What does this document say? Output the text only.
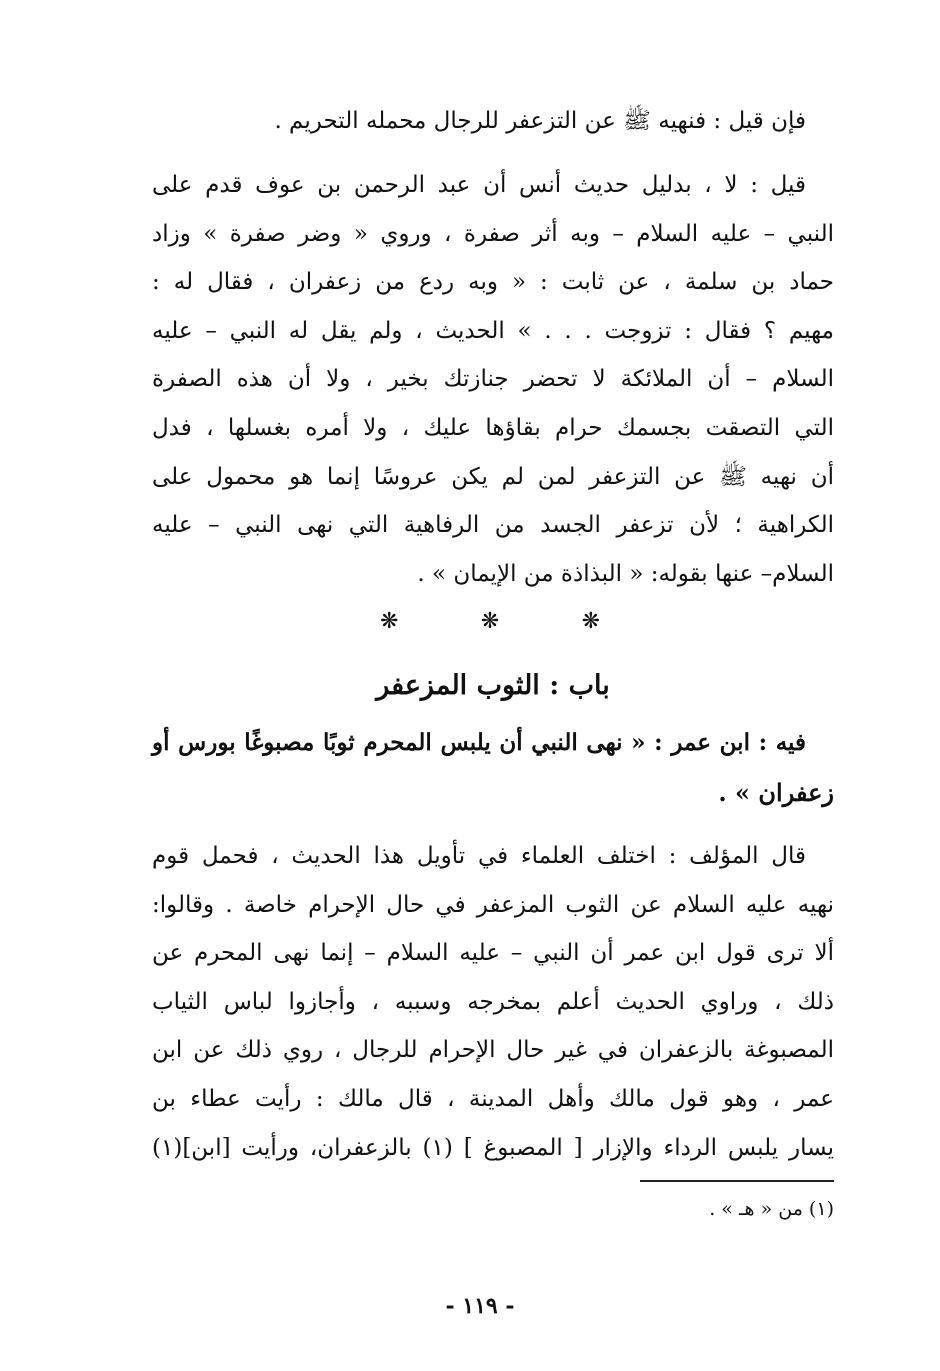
فإن قيل : فنهيه ﷺ عن التزعفر للرجال محمله التحريم .
قيل : لا ، بدليل حديث أنس أن عبد الرحمن بن عوف قدم على
النبي – عليه السلام – وبه أثر صفرة ، وروي « وضر صفرة » وزاد
حماد بن سلمة ، عن ثابت : « وبه ردع من زعفران ، فقال له :
مهيم ؟ فقال : تزوجت . . . » الحديث ، ولم يقل له النبي – عليه
السلام – أن الملائكة لا تحضر جنازتك بخير ، ولا أن هذه الصفرة
التي التصقت بجسمك حرام بقاؤها عليك ، ولا أمره بغسلها ، فدل
أن نهيه ﷺ عن التزعفر لمن لم يكن عروسًا إنما هو محمول على
الكراهية ؛ لأن تزعفر الجسد من الرفاهية التي نهى النبي – عليه
السلام– عنها بقوله: « البذاذة من الإيمان » .
❋
❋
❋
باب : الثوب المزعفر
فيه : ابن عمر : « نهى النبي أن يلبس المحرم ثوبًا مصبوغًا بورس أو
زعفران » .
قال المؤلف : اختلف العلماء في تأويل هذا الحديث ، فحمل قوم
نهيه عليه السلام عن الثوب المزعفر في حال الإحرام خاصة . وقالوا:
ألا ترى قول ابن عمر أن النبي – عليه السلام – إنما نهى المحرم عن
ذلك ، وراوي الحديث أعلم بمخرجه وسببه ، وأجازوا لباس الثياب
المصبوغة بالزعفران في غير حال الإحرام للرجال ، روي ذلك عن ابن
عمر ، وهو قول مالك وأهل المدينة ، قال مالك : رأيت عطاء بن
يسار يلبس الرداء والإزار [ المصبوغ ] (١) بالزعفران، ورأيت [ابن](١)
(١) من « هـ » .
- ١١٩ -
